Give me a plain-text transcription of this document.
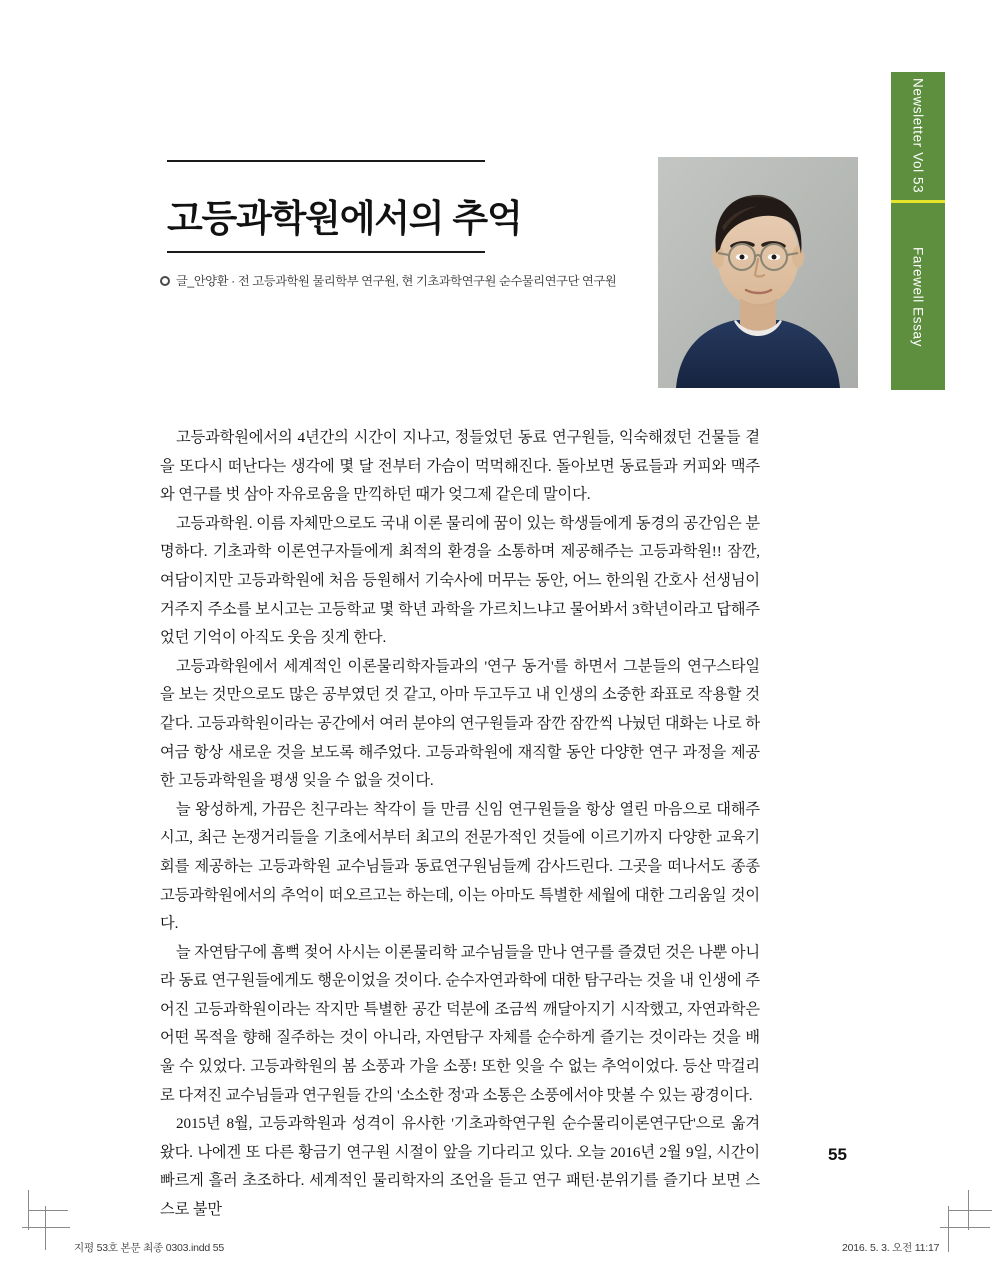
Newsletter Vol 53
Farewell Essay
고등과학원에서의 추억
글_안양환 · 전 고등과학원 물리학부 연구원, 현 기초과학연구원 순수물리연구단 연구원

고등과학원에서의 4년간의 시간이 지나고, 정들었던 동료 연구원들, 익숙해졌던 건물들 곁을 또다시 떠난다는 생각에 몇 달 전부터 가슴이 먹먹해진다. 돌아보면 동료들과 커피와 맥주와 연구를 벗 삼아 자유로움을 만끽하던 때가 엊그제 같은데 말이다.

고등과학원. 이름 자체만으로도 국내 이론 물리에 꿈이 있는 학생들에게 동경의 공간임은 분명하다. 기초과학 이론연구자들에게 최적의 환경을 소통하며 제공해주는 고등과학원!! 잠깐, 여담이지만 고등과학원에 처음 등원해서 기숙사에 머무는 동안, 어느 한의원 간호사 선생님이 거주지 주소를 보시고는 고등학교 몇 학년 과학을 가르치느냐고 물어봐서 3학년이라고 답해주었던 기억이 아직도 웃음 짓게 한다.

고등과학원에서 세계적인 이론물리학자들과의 '연구 동거'를 하면서 그분들의 연구스타일을 보는 것만으로도 많은 공부였던 것 같고, 아마 두고두고 내 인생의 소중한 좌표로 작용할 것 같다. 고등과학원이라는 공간에서 여러 분야의 연구원들과 잠깐 잠깐씩 나눴던 대화는 나로 하여금 항상 새로운 것을 보도록 해주었다. 고등과학원에 재직할 동안 다양한 연구 과정을 제공한 고등과학원을 평생 잊을 수 없을 것이다.

늘 왕성하게, 가끔은 친구라는 착각이 들 만큼 신임 연구원들을 항상 열린 마음으로 대해주시고, 최근 논쟁거리들을 기초에서부터 최고의 전문가적인 것들에 이르기까지 다양한 교육기회를 제공하는 고등과학원 교수님들과 동료연구원님들께 감사드린다. 그곳을 떠나서도 종종 고등과학원에서의 추억이 떠오르고는 하는데, 이는 아마도 특별한 세월에 대한 그리움일 것이다.

늘 자연탐구에 흠뻑 젖어 사시는 이론물리학 교수님들을 만나 연구를 즐겼던 것은 나뿐 아니라 동료 연구원들에게도 행운이었을 것이다. 순수자연과학에 대한 탐구라는 것을 내 인생에 주어진 고등과학원이라는 작지만 특별한 공간 덕분에 조금씩 깨달아지기 시작했고, 자연과학은 어떤 목적을 향해 질주하는 것이 아니라, 자연탐구 자체를 순수하게 즐기는 것이라는 것을 배울 수 있었다. 고등과학원의 봄 소풍과 가을 소풍! 또한 잊을 수 없는 추억이었다. 등산 막걸리로 다져진 교수님들과 연구원들 간의 '소소한 정'과 소통은 소풍에서야 맛볼 수 있는 광경이다.

2015년 8월, 고등과학원과 성격이 유사한 '기초과학연구원 순수물리이론연구단'으로 옮겨 왔다. 나에겐 또 다른 황금기 연구원 시절이 앞을 기다리고 있다. 오늘 2016년 2월 9일, 시간이 빠르게 흘러 초조하다. 세계적인 물리학자의 조언을 듣고 연구 패턴·분위기를 즐기다 보면 스스로 불만

55
지평 53호 본문 최종 0303.indd 55	2016. 5. 3. 오전 11:17
